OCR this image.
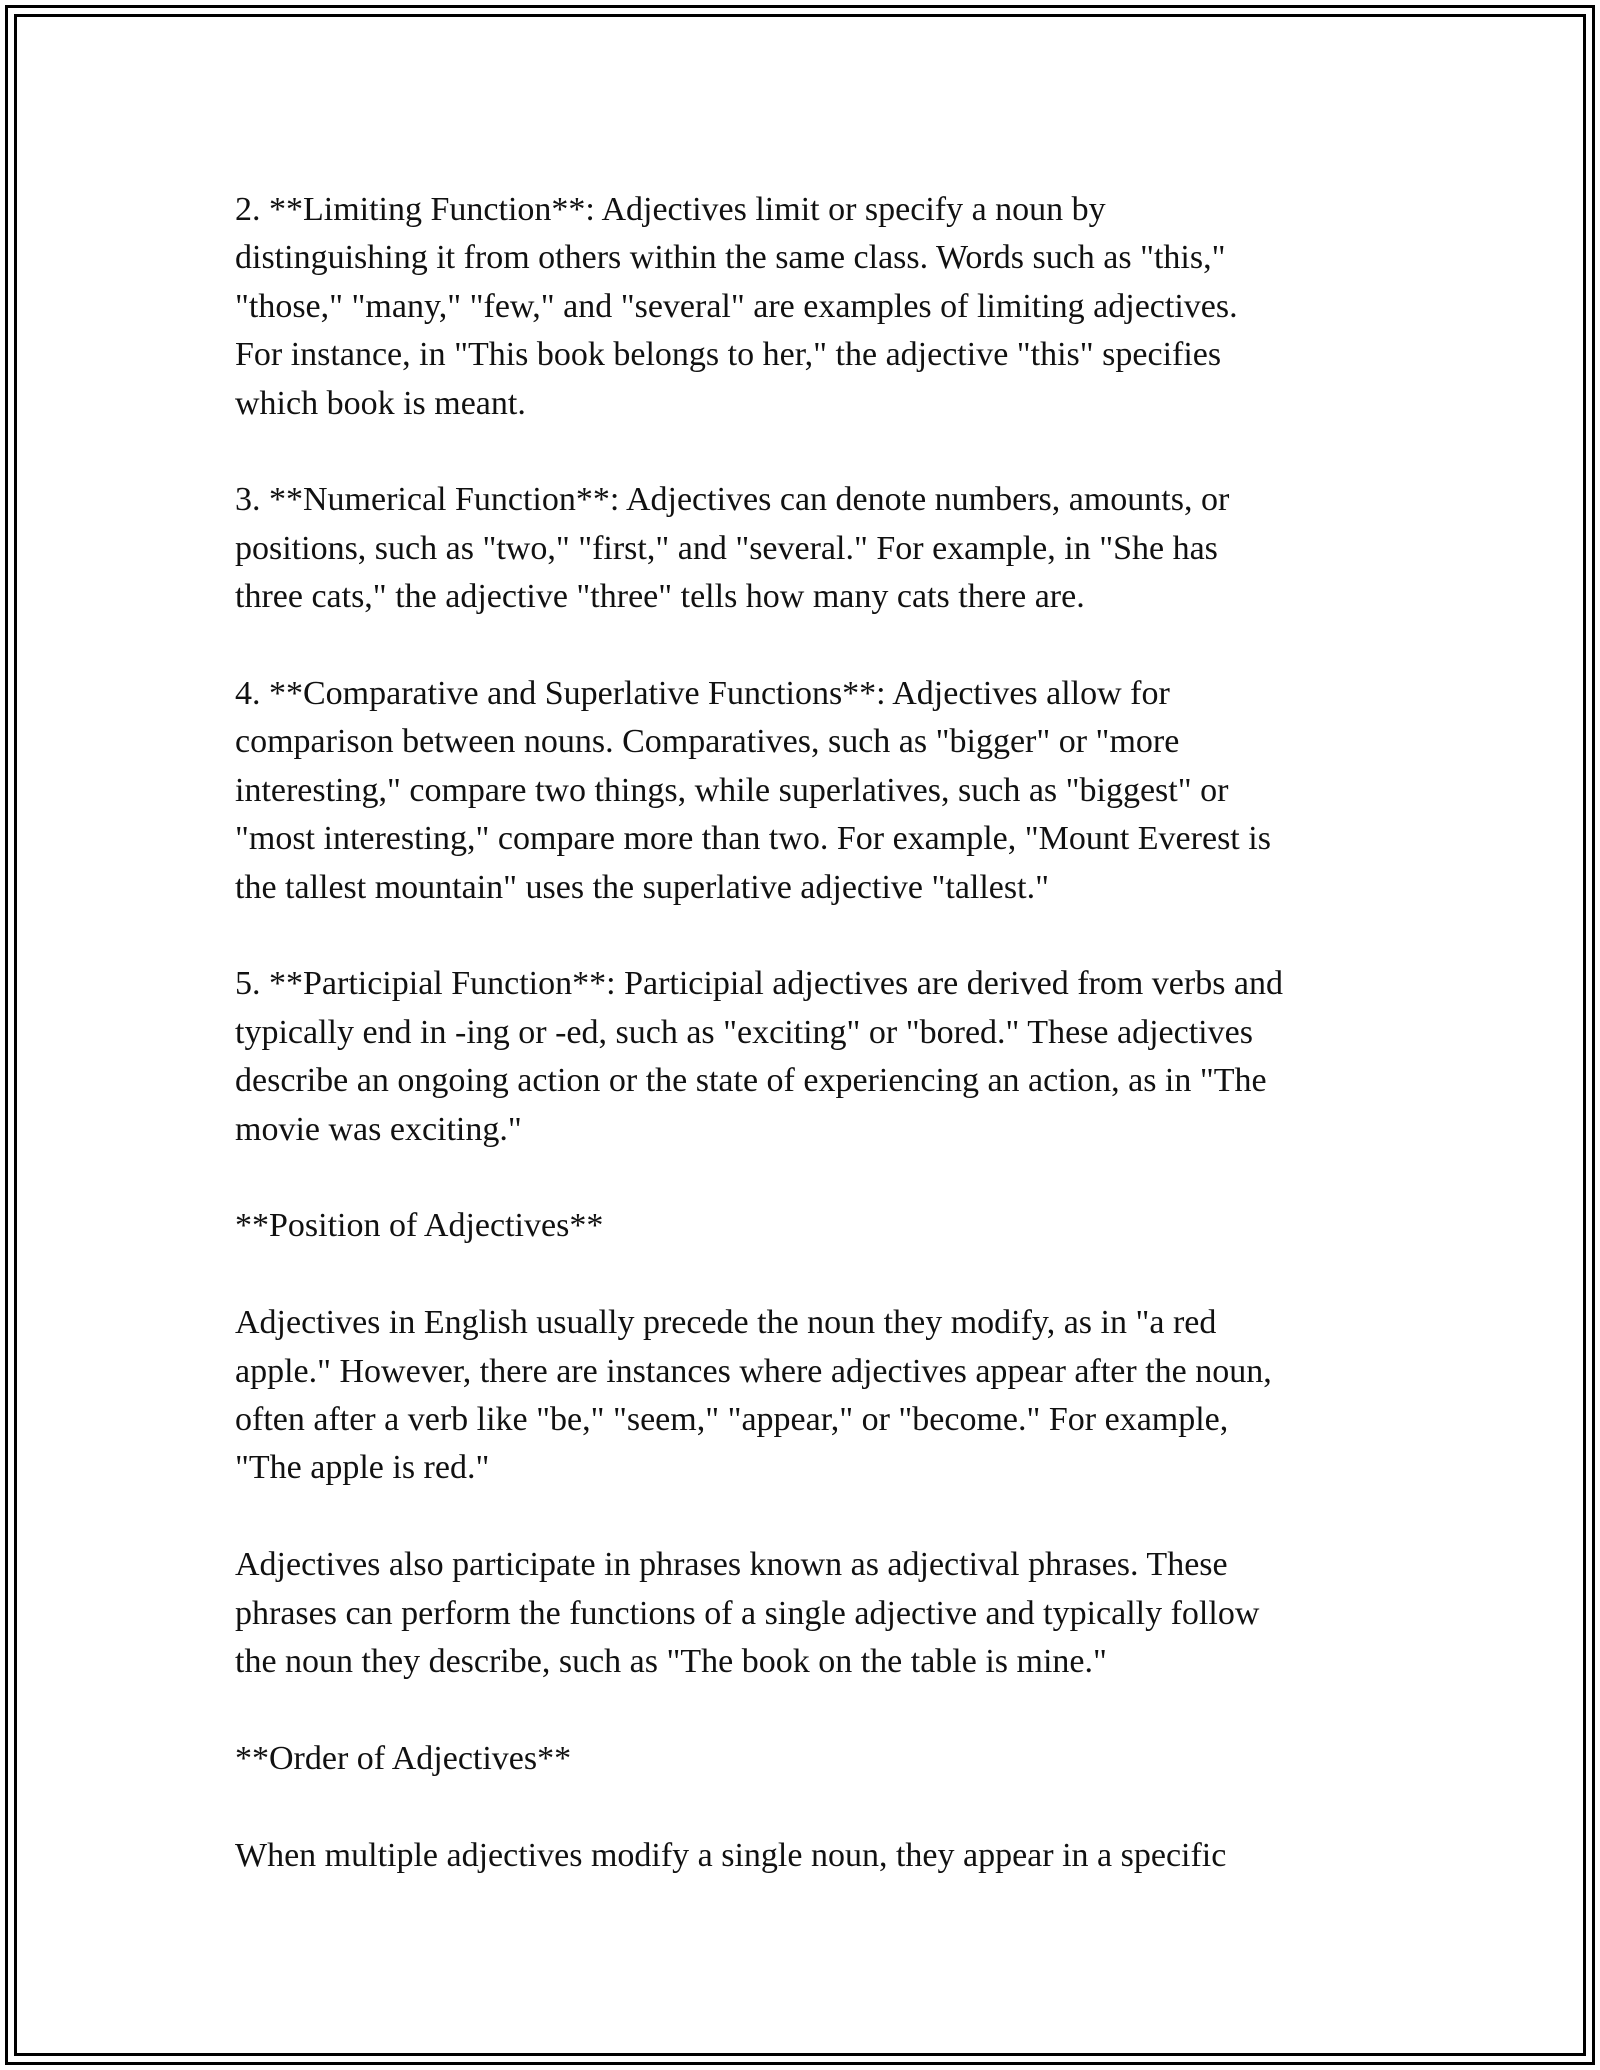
2. **Limiting Function**: Adjectives limit or specify a noun by
distinguishing it from others within the same class. Words such as "this,"
"those," "many," "few," and "several" are examples of limiting adjectives.
For instance, in "This book belongs to her," the adjective "this" specifies
which book is meant.

3. **Numerical Function**: Adjectives can denote numbers, amounts, or
positions, such as "two," "first," and "several." For example, in "She has
three cats," the adjective "three" tells how many cats there are.

4. **Comparative and Superlative Functions**: Adjectives allow for
comparison between nouns. Comparatives, such as "bigger" or "more
interesting," compare two things, while superlatives, such as "biggest" or
"most interesting," compare more than two. For example, "Mount Everest is
the tallest mountain" uses the superlative adjective "tallest."

5. **Participial Function**: Participial adjectives are derived from verbs and
typically end in -ing or -ed, such as "exciting" or "bored." These adjectives
describe an ongoing action or the state of experiencing an action, as in "The
movie was exciting."

**Position of Adjectives**

Adjectives in English usually precede the noun they modify, as in "a red
apple." However, there are instances where adjectives appear after the noun,
often after a verb like "be," "seem," "appear," or "become." For example,
"The apple is red."

Adjectives also participate in phrases known as adjectival phrases. These
phrases can perform the functions of a single adjective and typically follow
the noun they describe, such as "The book on the table is mine."

**Order of Adjectives**

When multiple adjectives modify a single noun, they appear in a specific
